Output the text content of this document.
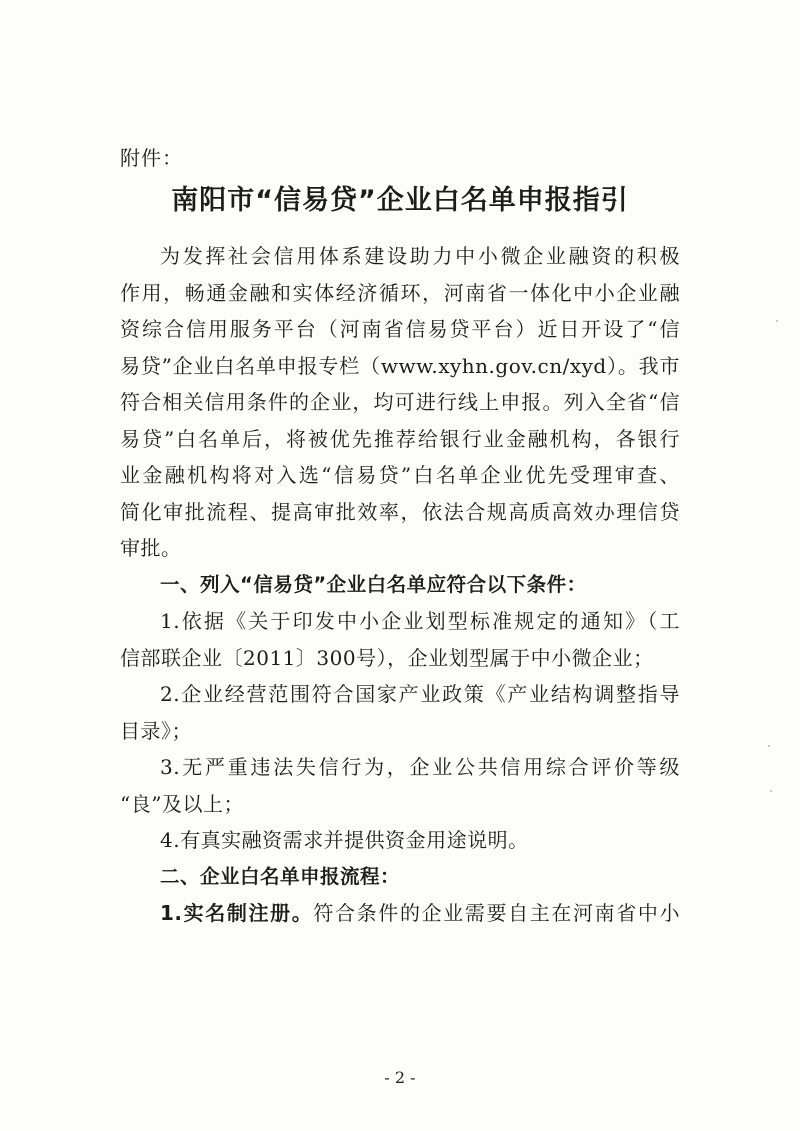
附件：
南阳市“信易贷”企业白名单申报指引
为发挥社会信用体系建设助力中小微企业融资的积极
作用，畅通金融和实体经济循环，河南省一体化中小企业融
资综合信用服务平台（河南省信易贷平台）近日开设了“信
易贷”企业白名单申报专栏（www.xyhn.gov.cn/xyd）。我市
符合相关信用条件的企业，均可进行线上申报。列入全省“信
易贷”白名单后，将被优先推荐给银行业金融机构，各银行
业金融机构将对入选“信易贷”白名单企业优先受理审查、
简化审批流程、提高审批效率，依法合规高质高效办理信贷
审批。
一、列入“信易贷”企业白名单应符合以下条件：
1.依据《关于印发中小企业划型标准规定的通知》（工
信部联企业〔2011〕300号），企业划型属于中小微企业；
2.企业经营范围符合国家产业政策《产业结构调整指导
目录》；
3.无严重违法失信行为，企业公共信用综合评价等级
“良”及以上；
4.有真实融资需求并提供资金用途说明。
二、企业白名单申报流程：
1.实名制注册。符合条件的企业需要自主在河南省中小
- 2 -
